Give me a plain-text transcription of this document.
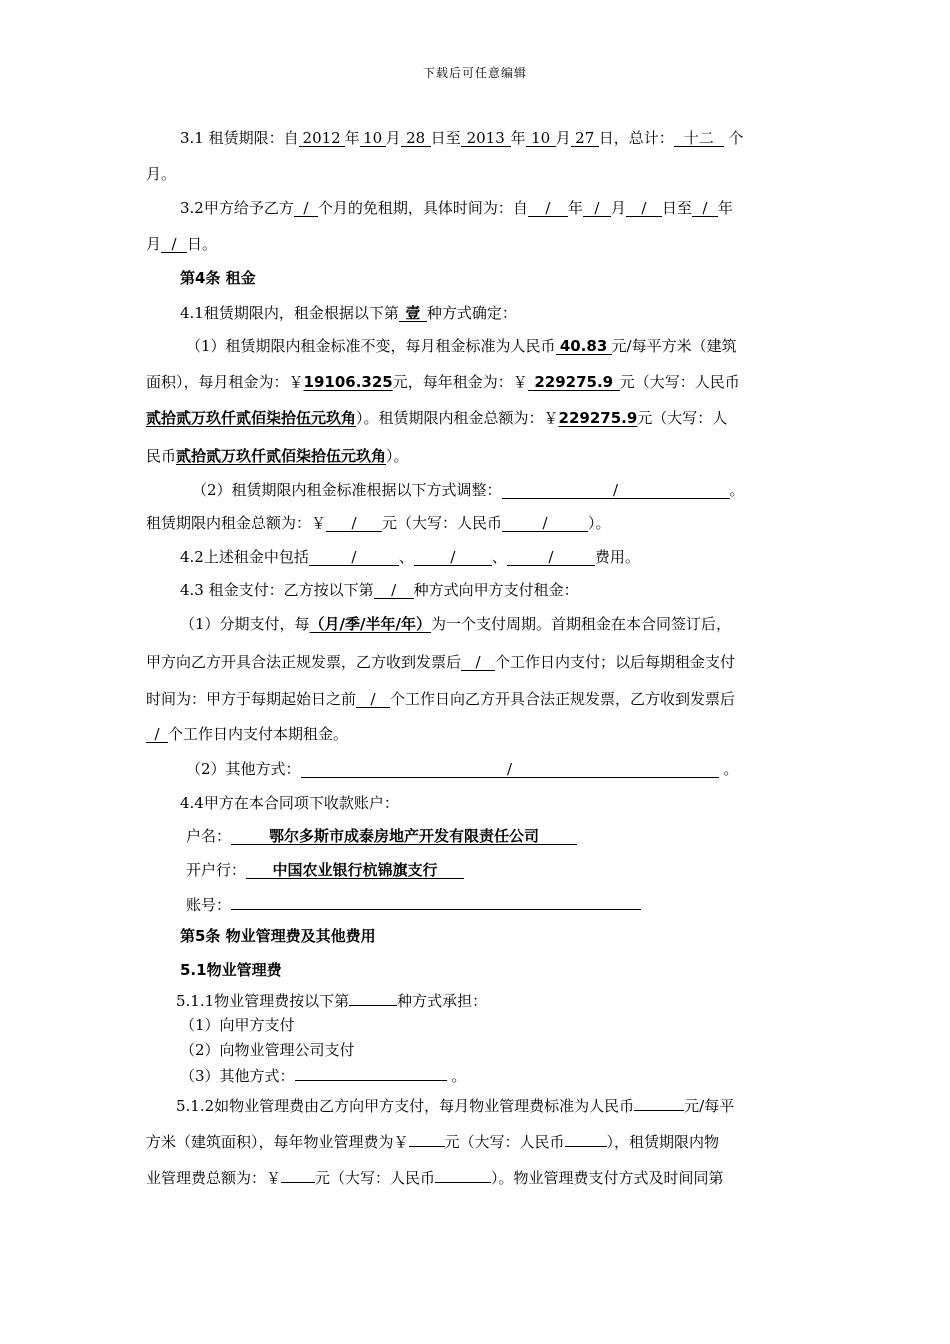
下载后可任意编辑
3.1 租赁期限：自 2012 年 10 月 28 日至 2013 年 10 月 27 日，总计： 十二 个
月。
3.2甲方给予乙方 / 个月的免租期，具体时间为：自 / 年 / 月 / 日至 / 年
月 / 日。
第4条 租金
4.1租赁期限内，租金根据以下第 壹 种方式确定：
（1）租赁期限内租金标准不变，每月租金标准为人民币 40.83 元/每平方米（建筑
面积），每月租金为：￥19106.325元，每年租金为：￥ 229275.9 元（大写：人民币
贰拾贰万玖仟贰佰柒拾伍元玖角）。租赁期限内租金总额为：￥229275.9元（大写：人
民币贰拾贰万玖仟贰佰柒拾伍元玖角）。
（2）租赁期限内租金标准根据以下方式调整：	/	。
租赁期限内租金总额为：￥ / 元（大写：人民币	/	）。
4.2上述租金中包括	/	、 / 、	/	费用。
4.3 租金支付：乙方按以下第 / 种方式向甲方支付租金：
（1）分期支付，每（月/季/半年/年）为一个支付周期。首期租金在本合同签订后，
甲方向乙方开具合法正规发票，乙方收到发票后 / 个工作日内支付；以后每期租金支付
时间为：甲方于每期起始日之前 / 个工作日向乙方开具合法正规发票，乙方收到发票后
/ 个工作日内支付本期租金。
（2）其他方式：	/	。
4.4甲方在本合同项下收款账户：
户名：	鄂尔多斯市成泰房地产开发有限责任公司
开户行： 中国农业银行杭锦旗支行
账号：
第5条 物业管理费及其他费用
5.1物业管理费
5.1.1物业管理费按以下第	种方式承担：
（1）向甲方支付
（2）向物业管理公司支付
（3）其他方式：	。
5.1.2如物业管理费由乙方向甲方支付，每月物业管理费标准为人民币	元/每平
方米（建筑面积），每年物业管理费为￥ 元（大写：人民币	），租赁期限内物
业管理费总额为：￥ 元（大写：人民币	）。物业管理费支付方式及时间同第
